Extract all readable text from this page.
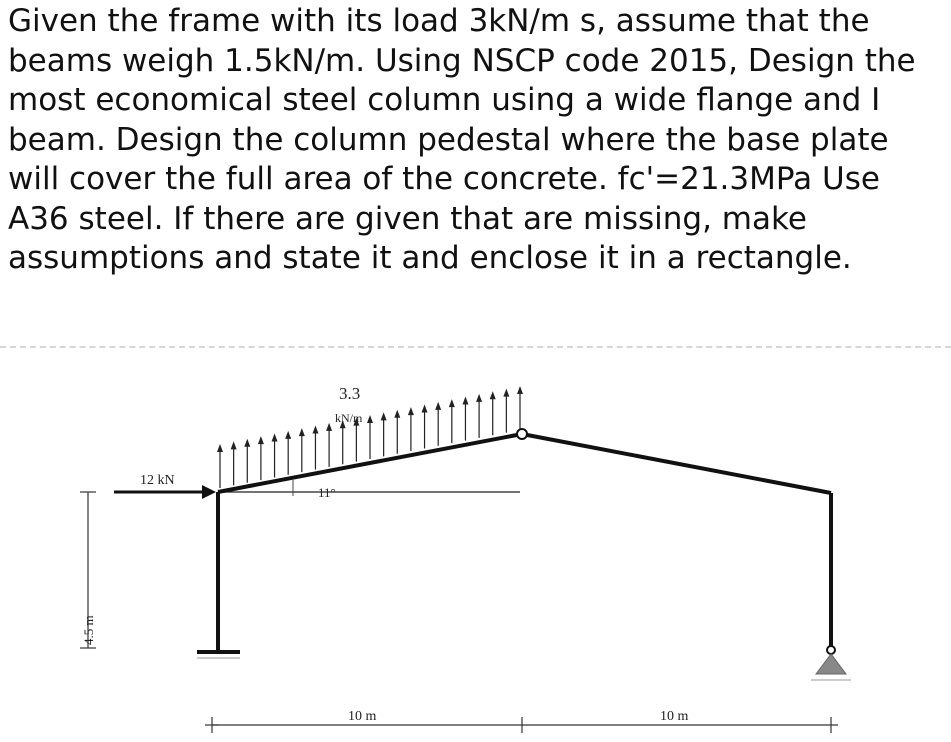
Given the frame with its load 3kN/m s, assume that the beams weigh 1.5kN/m. Using NSCP code 2015, Design the most economical steel column using a wide flange and I beam. Design the column pedestal where the base plate will cover the full area of the concrete. fc'=21.3MPa Use A36 steel. If there are given that are missing, make assumptions and state it and enclose it in a rectangle.

11°
12 kN
3.3
kN/m
4.5 m
10 m	10 m
